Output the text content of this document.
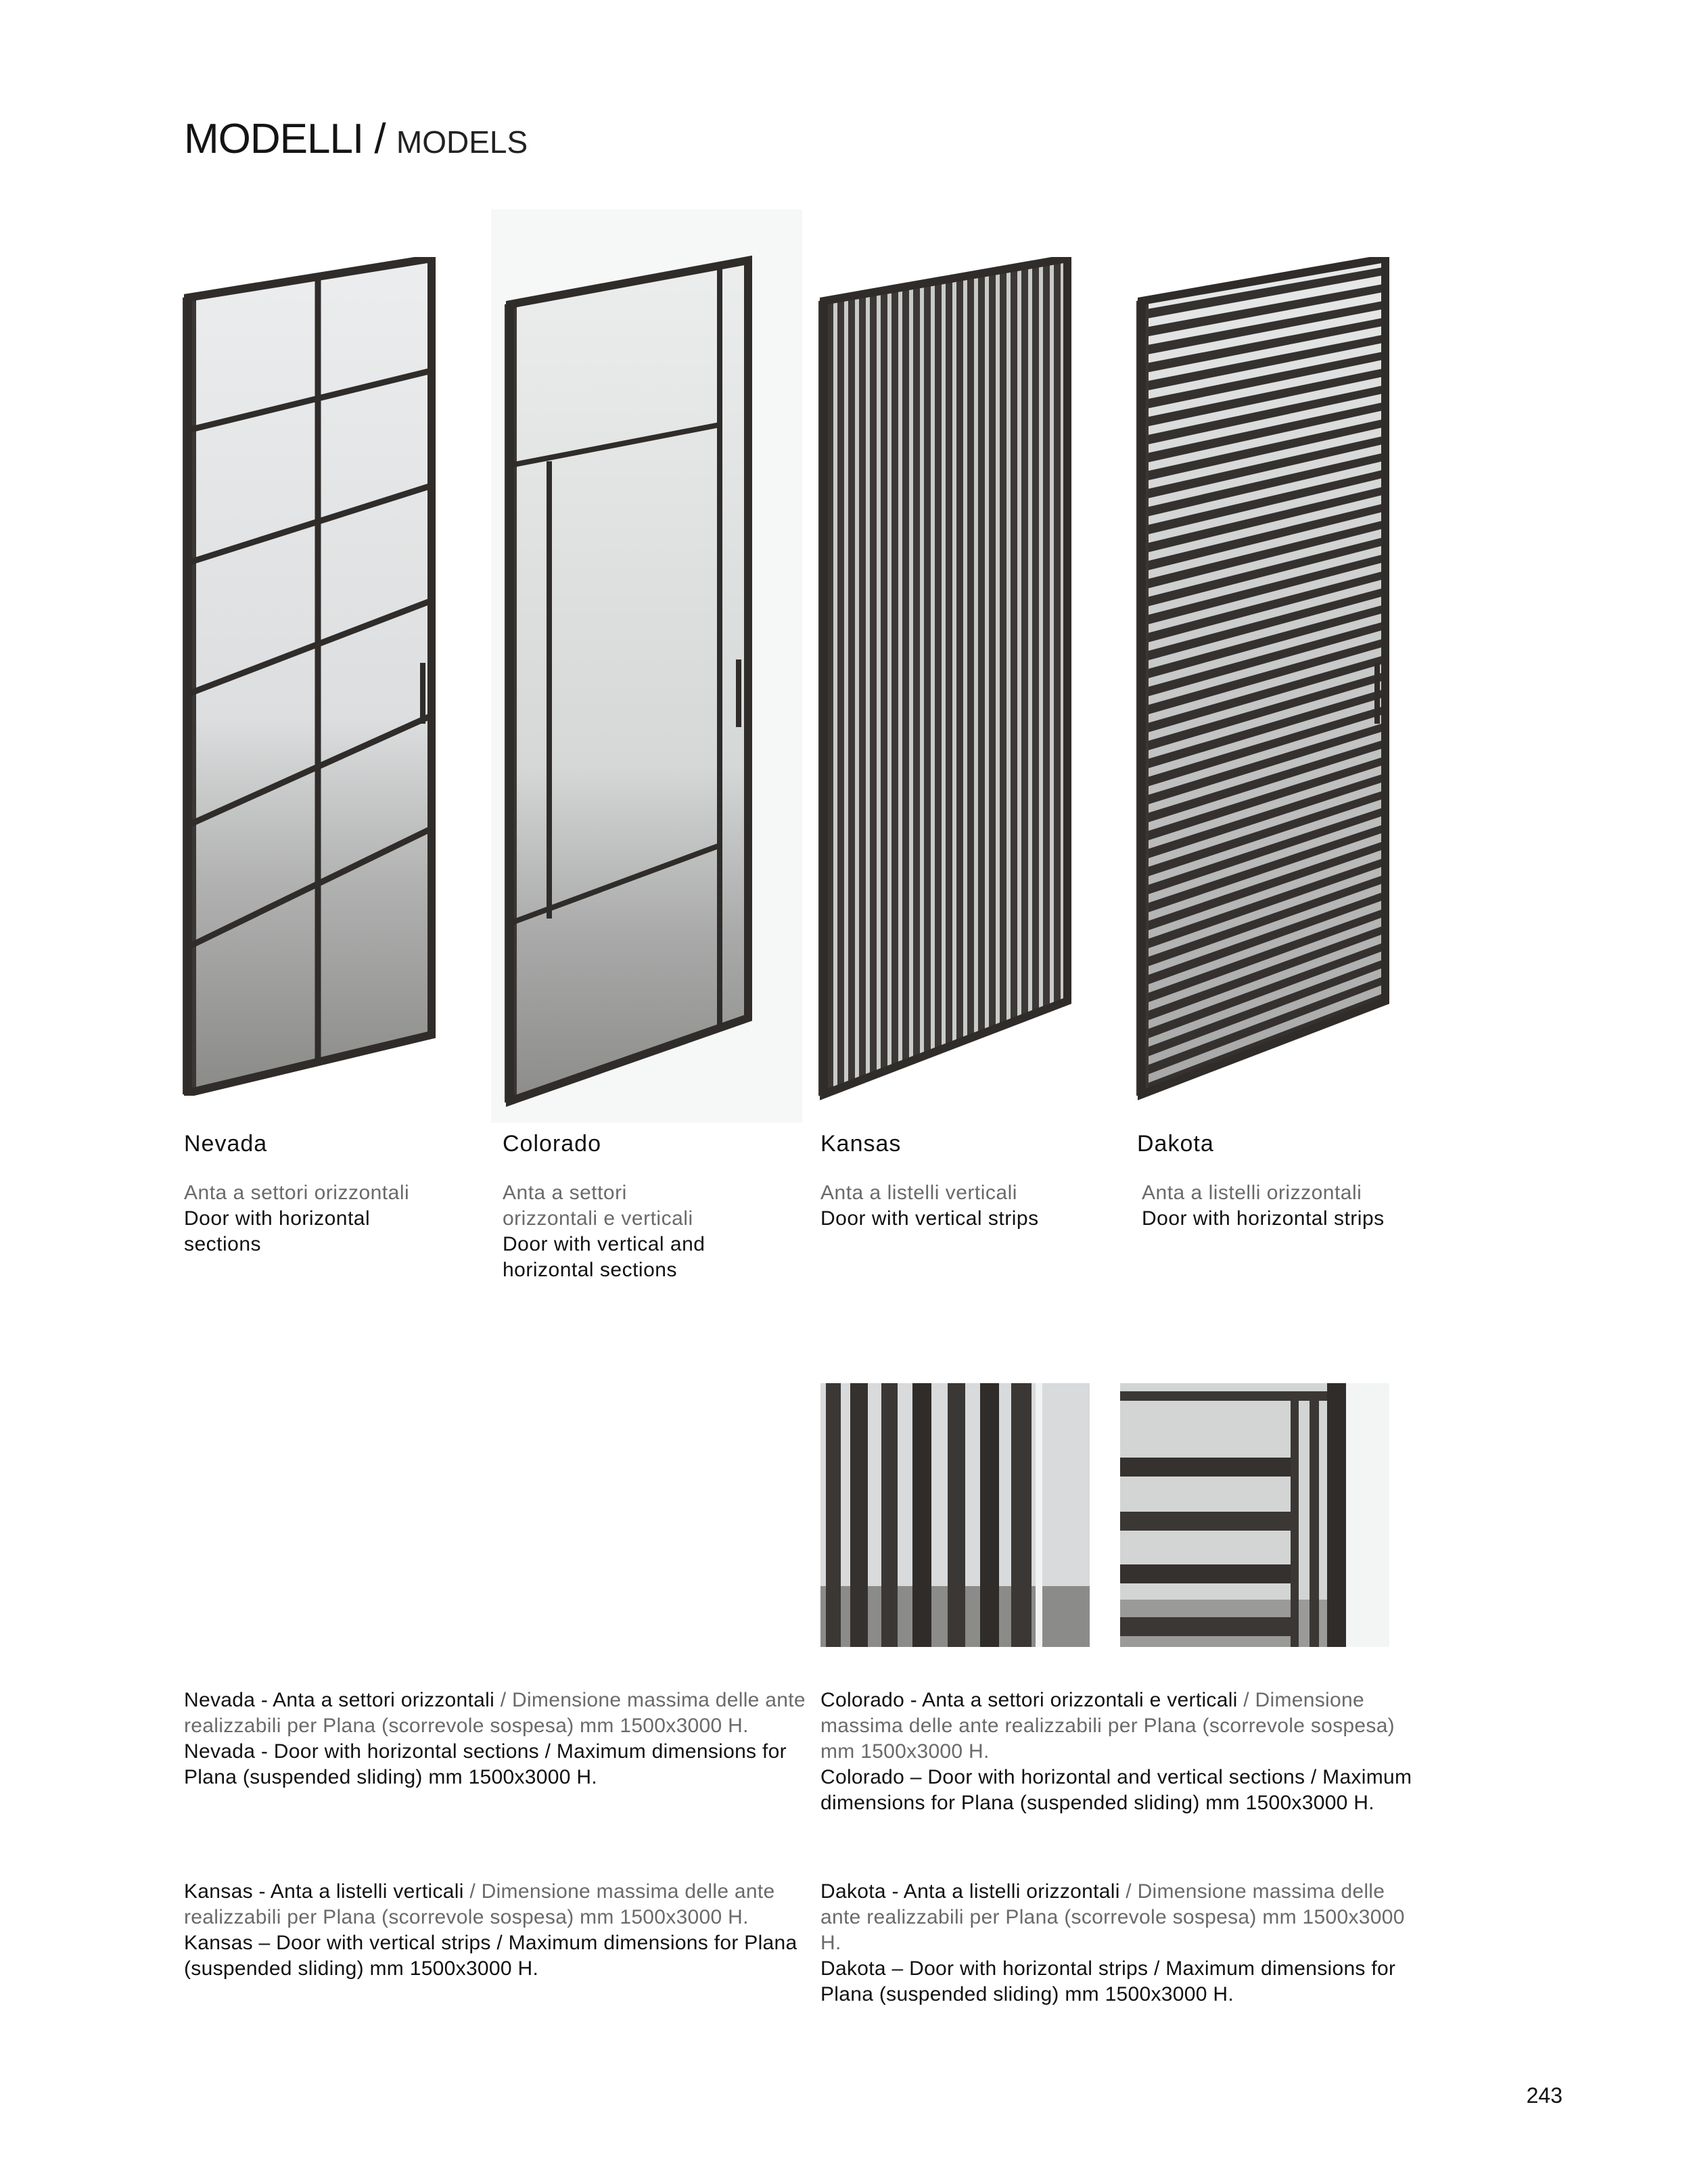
MODELLI / MODELS
Nevada
Anta a settori orizzontali
Door with horizontal
sections
Colorado
Anta a settori
orizzontali e verticali
Door with vertical and
horizontal sections
Kansas
Anta a listelli verticali
Door with vertical strips
Dakota
Anta a listelli orizzontali
Door with horizontal strips
Nevada - Anta a settori orizzontali / Dimensione massima delle ante realizzabili per Plana (scorrevole sospesa) mm 1500x3000 H.
Nevada - Door with horizontal sections / Maximum dimensions for Plana (suspended sliding) mm 1500x3000 H.
Colorado - Anta a settori orizzontali e verticali / Dimensione massima delle ante realizzabili per Plana (scorrevole sospesa) mm 1500x3000 H.
Colorado – Door with horizontal and vertical sections / Maximum dimensions for Plana (suspended sliding) mm 1500x3000 H.
Kansas - Anta a listelli verticali / Dimensione massima delle ante realizzabili per Plana (scorrevole sospesa) mm 1500x3000 H.
Kansas – Door with vertical strips / Maximum dimensions for Plana (suspended sliding) mm 1500x3000 H.
Dakota - Anta a listelli orizzontali / Dimensione massima delle ante realizzabili per Plana (scorrevole sospesa) mm 1500x3000 H.
Dakota – Door with horizontal strips / Maximum dimensions for Plana (suspended sliding) mm 1500x3000 H.
243
